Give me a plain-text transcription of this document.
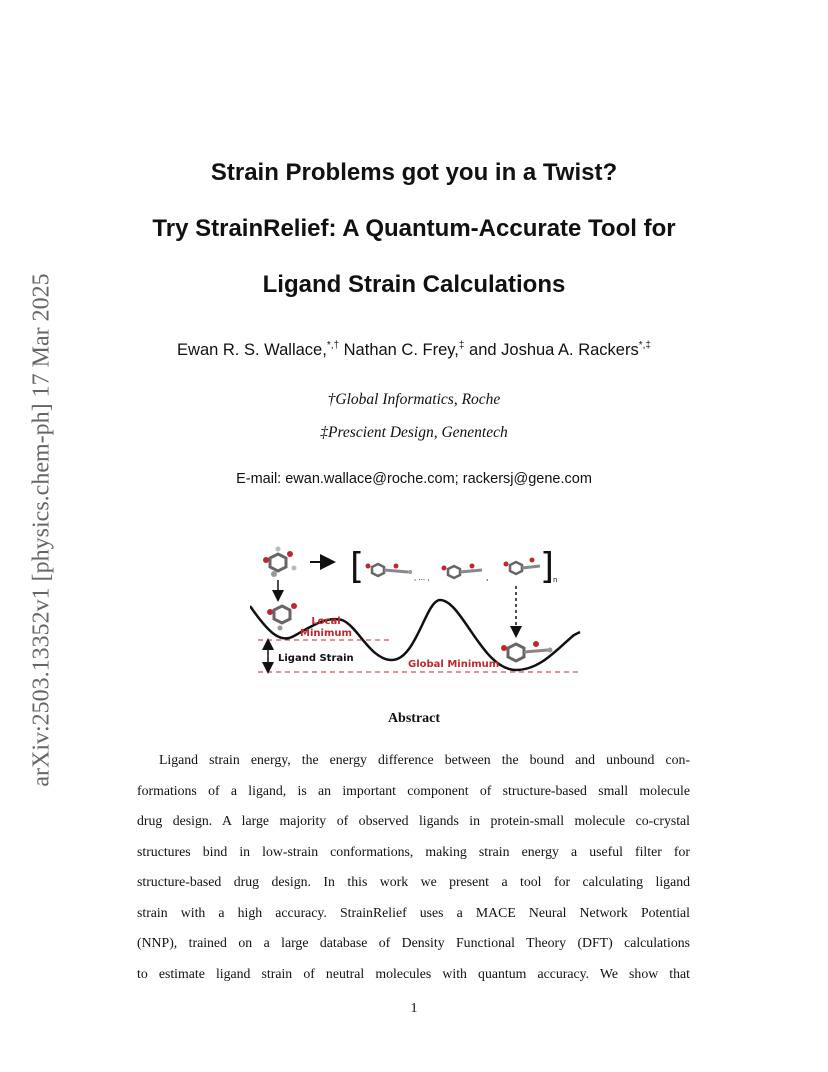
arXiv:2503.13352v1 [physics.chem-ph] 17 Mar 2025
Strain Problems got you in a Twist?
Try StrainRelief: A Quantum-Accurate Tool for
Ligand Strain Calculations
Ewan R. S. Wallace,*,† Nathan C. Frey,‡ and Joshua A. Rackers*,‡
†Global Informatics, Roche
‡Prescient Design, Genentech
E-mail: ewan.wallace@roche.com; rackersj@gene.com
[	, ... ,	, ]
n
Local
Minimum
Ligand Strain
Global Minimum
Abstract
Ligand strain energy, the energy difference between the bound and unbound con-
formations of a ligand, is an important component of structure-based small molecule
drug design. A large majority of observed ligands in protein-small molecule co-crystal
structures bind in low-strain conformations, making strain energy a useful filter for
structure-based drug design. In this work we present a tool for calculating ligand
strain with a high accuracy. StrainRelief uses a MACE Neural Network Potential
(NNP), trained on a large database of Density Functional Theory (DFT) calculations
to estimate ligand strain of neutral molecules with quantum accuracy. We show that
1
